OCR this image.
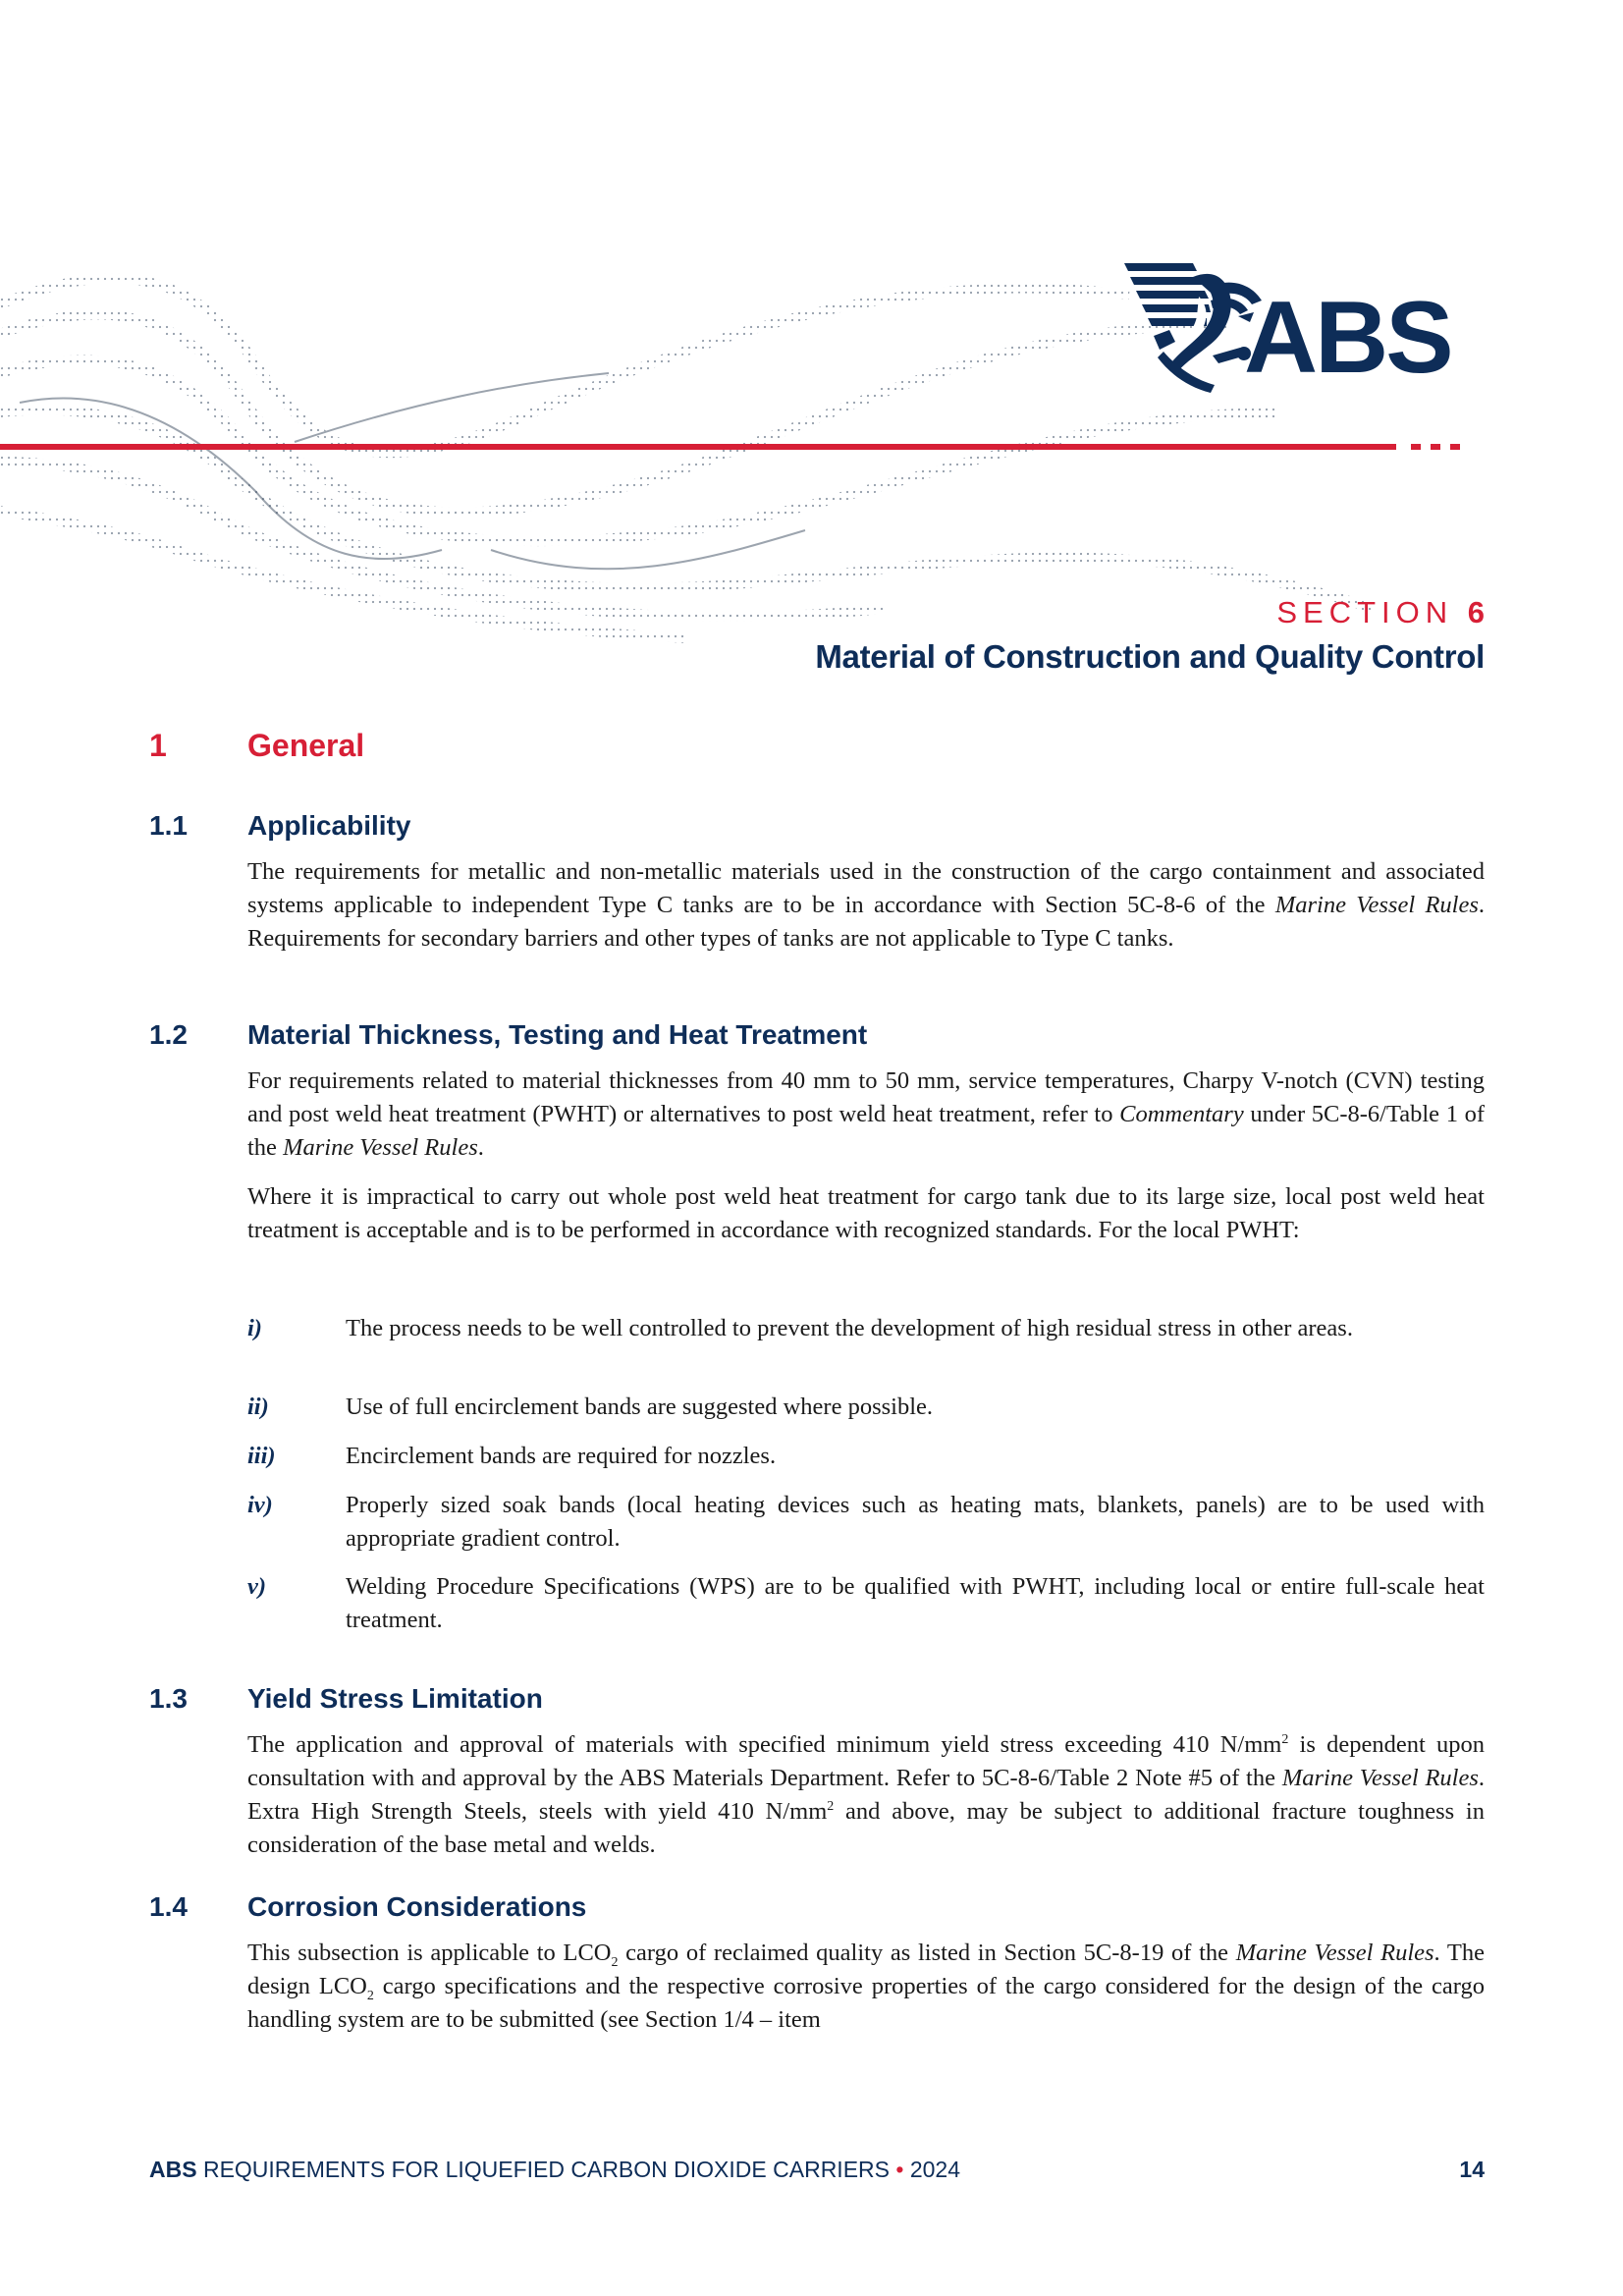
ABS
SECTION 6
Material of Construction and Quality Control
1	General
1.1 Applicability
The requirements for metallic and non-metallic materials used in the construction of the cargo containment and associated systems applicable to independent Type C tanks are to be in accordance with Section 5C-8-6 of the Marine Vessel Rules. Requirements for secondary barriers and other types of tanks are not applicable to Type C tanks.
1.2 Material Thickness, Testing and Heat Treatment
For requirements related to material thicknesses from 40 mm to 50 mm, service temperatures, Charpy V-notch (CVN) testing and post weld heat treatment (PWHT) or alternatives to post weld heat treatment, refer to Commentary under 5C-8-6/Table 1 of the Marine Vessel Rules.
Where it is impractical to carry out whole post weld heat treatment for cargo tank due to its large size, local post weld heat treatment is acceptable and is to be performed in accordance with recognized standards. For the local PWHT:
i)	The process needs to be well controlled to prevent the development of high residual stress in other areas.
ii)	Use of full encirclement bands are suggested where possible.
iii)	Encirclement bands are required for nozzles.
iv)	Properly sized soak bands (local heating devices such as heating mats, blankets, panels) are to be used with appropriate gradient control.
v)	Welding Procedure Specifications (WPS) are to be qualified with PWHT, including local or entire full-scale heat treatment.
1.3 Yield Stress Limitation
The application and approval of materials with specified minimum yield stress exceeding 410 $N/mm^2$ is dependent upon consultation with and approval by the ABS Materials Department. Refer to 5C-8-6/Table 2 Note #5 of the Marine Vessel Rules. Extra High Strength Steels, steels with yield 410 $N/mm^2$ and above, may be subject to additional fracture toughness in consideration of the base metal and welds.
1.4 Corrosion Considerations
This subsection is applicable to $LCO_2$ cargo of reclaimed quality as listed in Section 5C-8-19 of the Marine Vessel Rules. The design $LCO_2$ cargo specifications and the respective corrosive properties of the cargo considered for the design of the cargo handling system are to be submitted (see Section 1/4 – item
ABS REQUIREMENTS FOR LIQUEFIED CARBON DIOXIDE CARRIERS • 2024	14
